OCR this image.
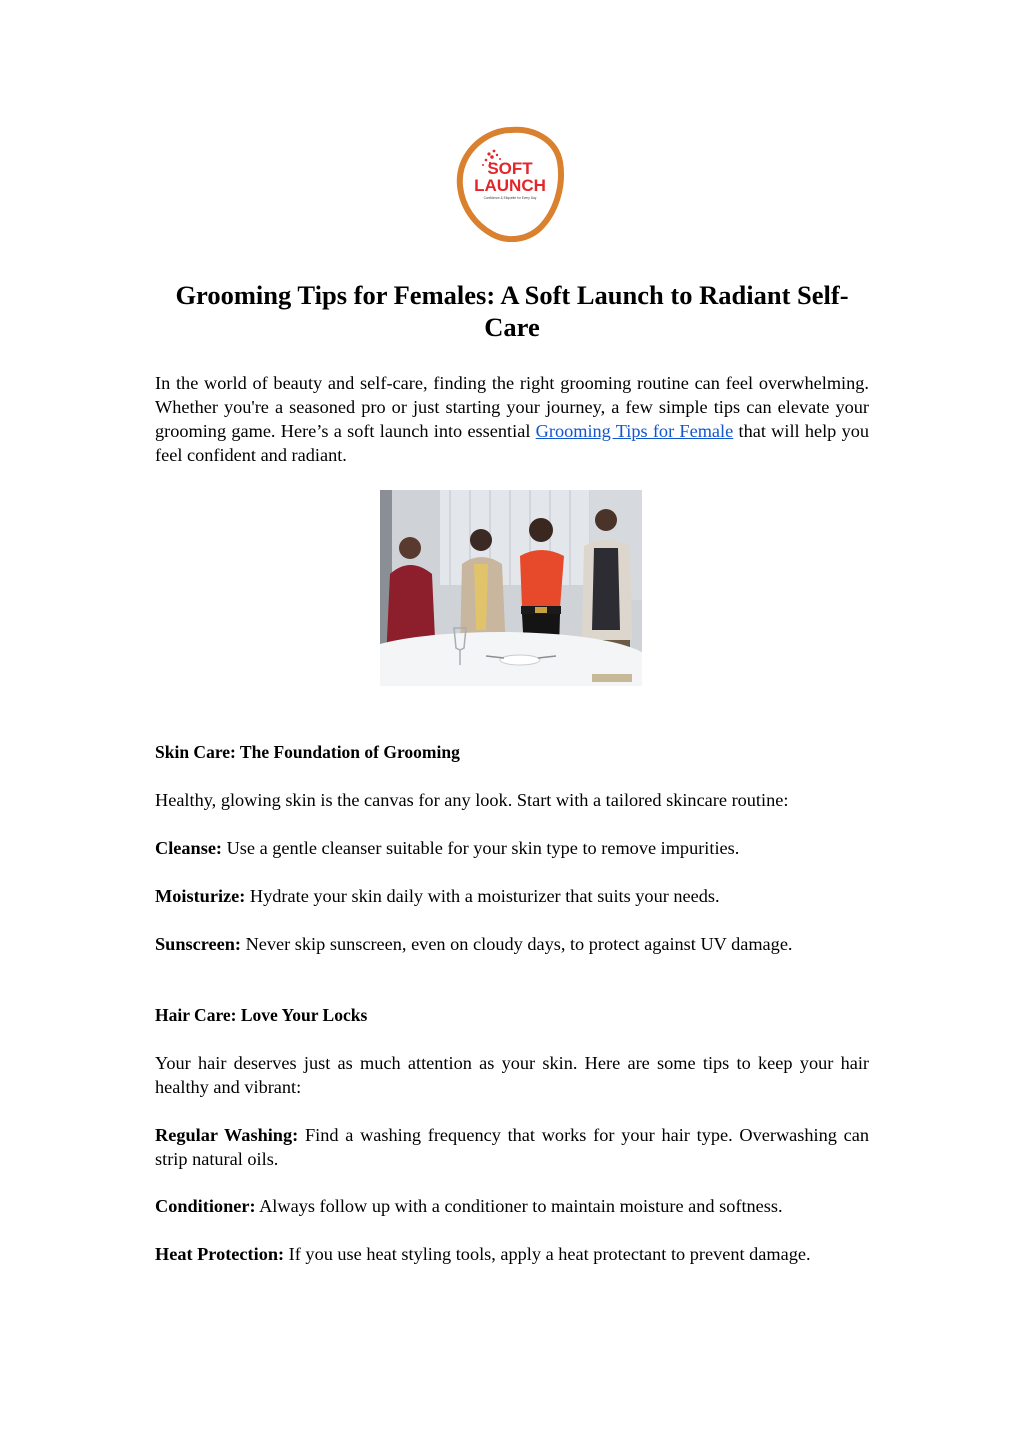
SOFT
LAUNCH
Confidence & Etiquette for Every Day
Grooming Tips for Females: A Soft Launch to Radiant Self-Care

In the world of beauty and self-care, finding the right grooming routine can feel overwhelming. Whether you're a seasoned pro or just starting your journey, a few simple tips can elevate your grooming game. Here’s a soft launch into essential Grooming Tips for Female that will help you feel confident and radiant.

Skin Care: The Foundation of Grooming

Healthy, glowing skin is the canvas for any look. Start with a tailored skincare routine:

Cleanse: Use a gentle cleanser suitable for your skin type to remove impurities.

Moisturize: Hydrate your skin daily with a moisturizer that suits your needs.

Sunscreen: Never skip sunscreen, even on cloudy days, to protect against UV damage.

Hair Care: Love Your Locks

Your hair deserves just as much attention as your skin. Here are some tips to keep your hair healthy and vibrant:

Regular Washing: Find a washing frequency that works for your hair type. Overwashing can strip natural oils.

Conditioner: Always follow up with a conditioner to maintain moisture and softness.

Heat Protection: If you use heat styling tools, apply a heat protectant to prevent damage.
